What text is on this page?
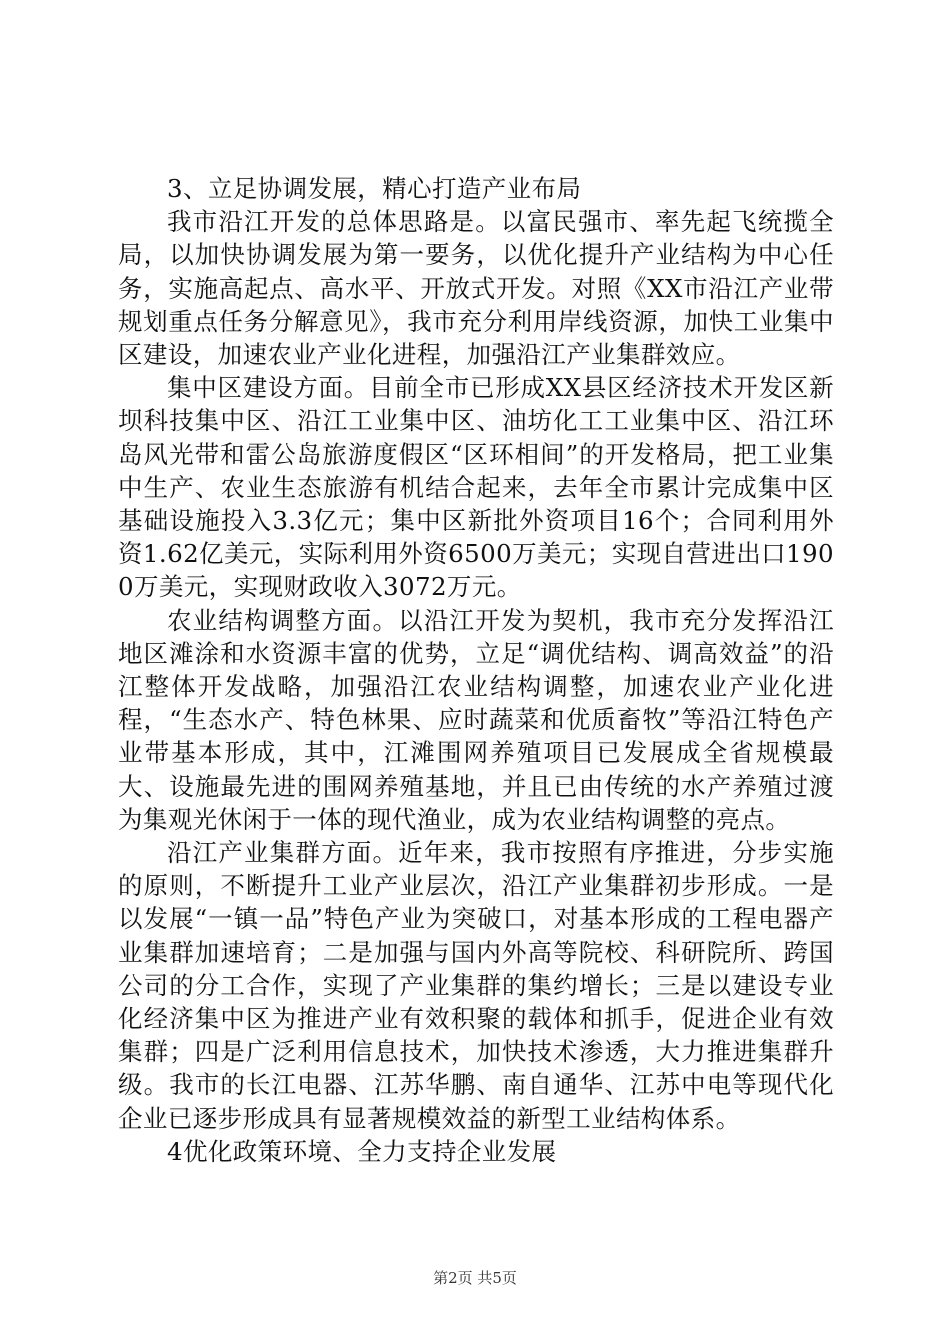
3、立足协调发展，精心打造产业布局

我市沿江开发的总体思路是。以富民强市、率先起飞统揽全局，以加快协调发展为第一要务，以优化提升产业结构为中心任务，实施高起点、高水平、开放式开发。对照《XX市沿江产业带规划重点任务分解意见》，我市充分利用岸线资源，加快工业集中区建设，加速农业产业化进程，加强沿江产业集群效应。

集中区建设方面。目前全市已形成XX县区经济技术开发区新坝科技集中区、沿江工业集中区、油坊化工工业集中区、沿江环岛风光带和雷公岛旅游度假区“区环相间”的开发格局，把工业集中生产、农业生态旅游有机结合起来，去年全市累计完成集中区基础设施投入3.3亿元；集中区新批外资项目16个；合同利用外资1.62亿美元，实际利用外资6500万美元；实现自营进出口1900万美元，实现财政收入3072万元。

农业结构调整方面。以沿江开发为契机，我市充分发挥沿江地区滩涂和水资源丰富的优势，立足“调优结构、调高效益”的沿江整体开发战略，加强沿江农业结构调整，加速农业产业化进程，“生态水产、特色林果、应时蔬菜和优质畜牧”等沿江特色产业带基本形成，其中，江滩围网养殖项目已发展成全省规模最大、设施最先进的围网养殖基地，并且已由传统的水产养殖过渡为集观光休闲于一体的现代渔业，成为农业结构调整的亮点。

沿江产业集群方面。近年来，我市按照有序推进，分步实施的原则，不断提升工业产业层次，沿江产业集群初步形成。一是以发展“一镇一品”特色产业为突破口，对基本形成的工程电器产业集群加速培育；二是加强与国内外高等院校、科研院所、跨国公司的分工合作，实现了产业集群的集约增长；三是以建设专业化经济集中区为推进产业有效积聚的载体和抓手，促进企业有效集群；四是广泛利用信息技术，加快技术渗透，大力推进集群升级。我市的长江电器、江苏华鹏、南自通华、江苏中电等现代化企业已逐步形成具有显著规模效益的新型工业结构体系。

4优化政策环境、全力支持企业发展

第2页 共5页
